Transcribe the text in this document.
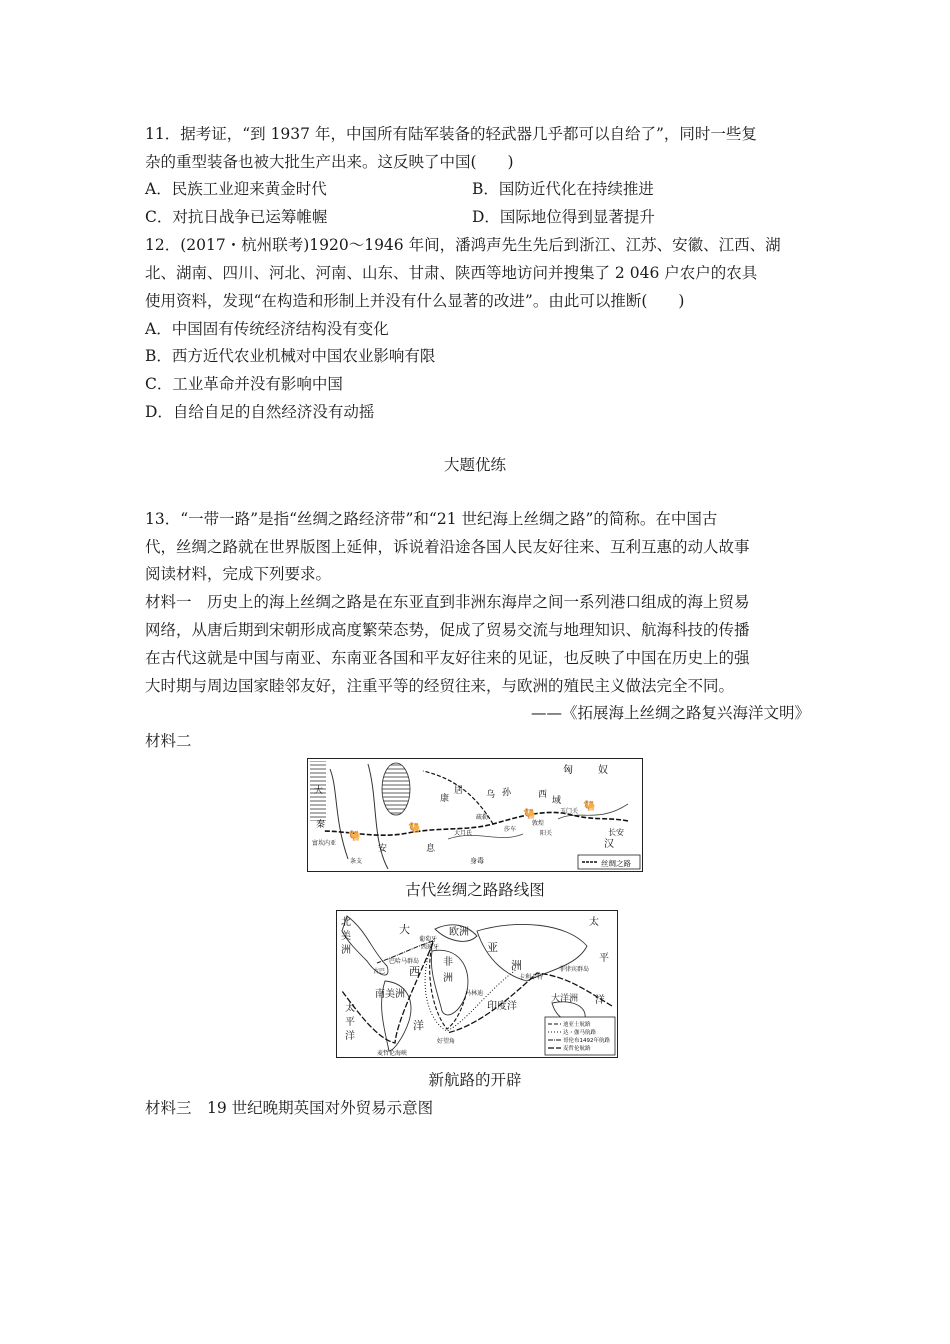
11．据考证，“到 1937 年，中国所有陆军装备的轻武器几乎都可以自给了”，同时一些复
杂的重型装备也被大批生产出来。这反映了中国(　　)
A．民族工业迎来黄金时代	B．国防近代化在持续推进
C．对抗日战争已运筹帷幄	D．国际地位得到显著提升
12．(2017・杭州联考)1920～1946 年间，潘鸿声先生先后到浙江、江苏、安徽、江西、湖
北、湖南、四川、河北、河南、山东、甘肃、陕西等地访问并搜集了 2 046 户农户的农具
使用资料，发现“在构造和形制上并没有什么显著的改进”。由此可以推断(　　)
A．中国固有传统经济结构没有变化
B．西方近代农业机械对中国农业影响有限
C．工业革命并没有影响中国
D．自给自足的自然经济没有动摇
大题优练
13．“一带一路”是指“丝绸之路经济带”和“21 世纪海上丝绸之路”的简称。在中国古
代，丝绸之路就在世界版图上延伸，诉说着沿途各国人民友好往来、互利互惠的动人故事
阅读材料，完成下列要求。
材料一　历史上的海上丝绸之路是在东亚直到非洲东海岸之间一系列港口组成的海上贸易
网络，从唐后期到宋朝形成高度繁荣态势，促成了贸易交流与地理知识、航海科技的传播
在古代这就是中国与南亚、东南亚各国和平友好往来的见证，也反映了中国在历史上的强
大时期与周边国家睦邻友好，注重平等的经贸往来，与欧洲的殖民主义做法完全不同。
——《拓展海上丝绸之路复兴海洋文明》
材料二
🐫
🐫
🐫
🐫
匈	奴
康
居	乌 孙
大
秦
安	息
西
域
汉
长安
敦煌
阳关
玉门关
大月氏
疏勒
身毒
莎车
条支
富坎内亚
丝绸之路
古代丝绸之路路线图
北
美
洲
大
西
洋
欧洲
亚
洲
非
洲
南美洲
印度洋
太
平
洋
太
平
洋
大洋洲
好望角
麦哲伦海峡
马林迪
菲律宾群岛
古巴
巴哈马群岛
葡萄牙
西班牙
卡利卡特
迪亚士航路
达・伽马航路
哥伦布1492年航路
麦哲伦航路
新航路的开辟
材料三　19 世纪晚期英国对外贸易示意图
